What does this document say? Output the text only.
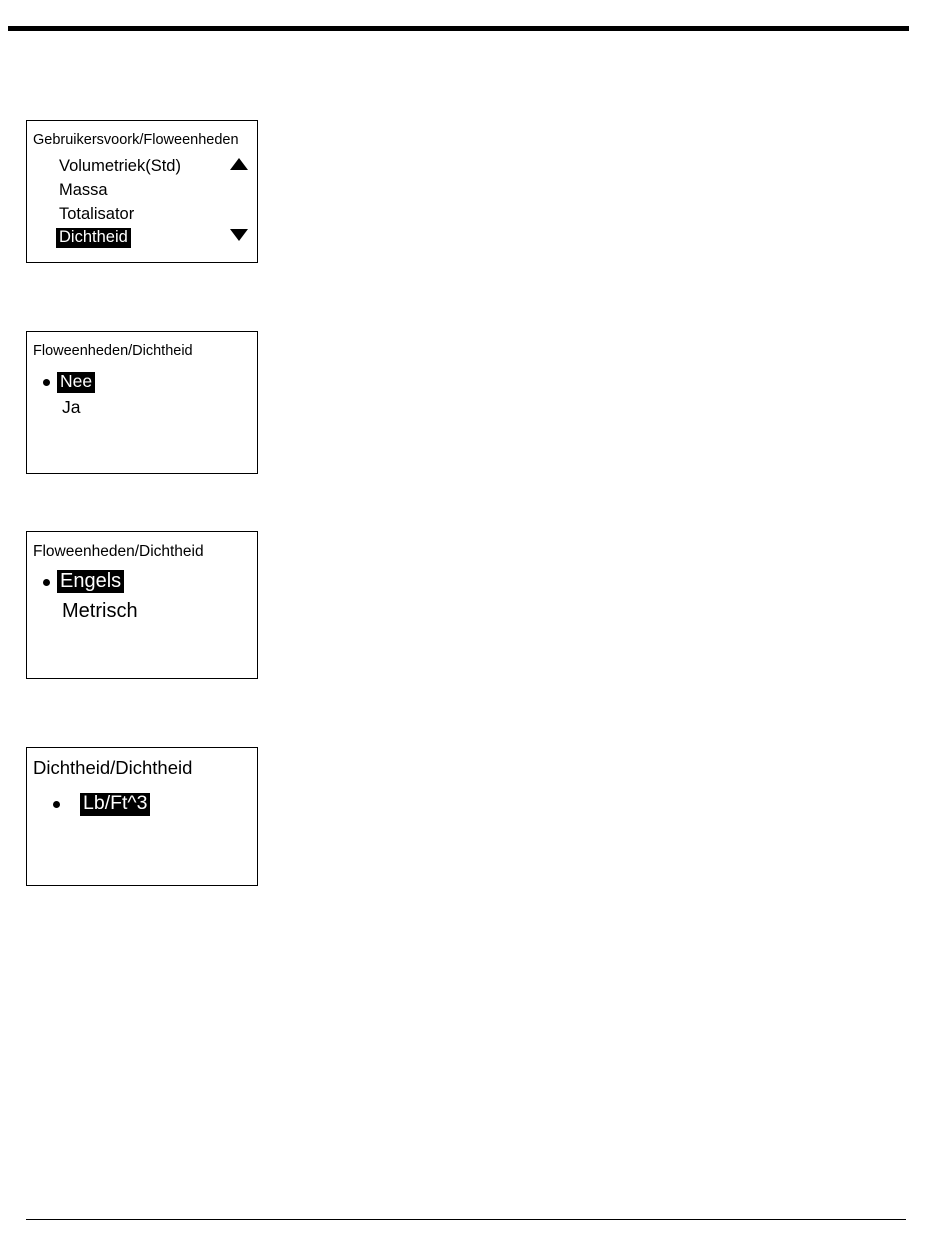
Gebruikersvoork/Floweenheden
Volumetriek(Std)
Massa
Totalisator
Dichtheid
Floweenheden/Dichtheid
Nee
Ja
Floweenheden/Dichtheid
Engels
Metrisch
Dichtheid/Dichtheid
Lb/Ft^3
